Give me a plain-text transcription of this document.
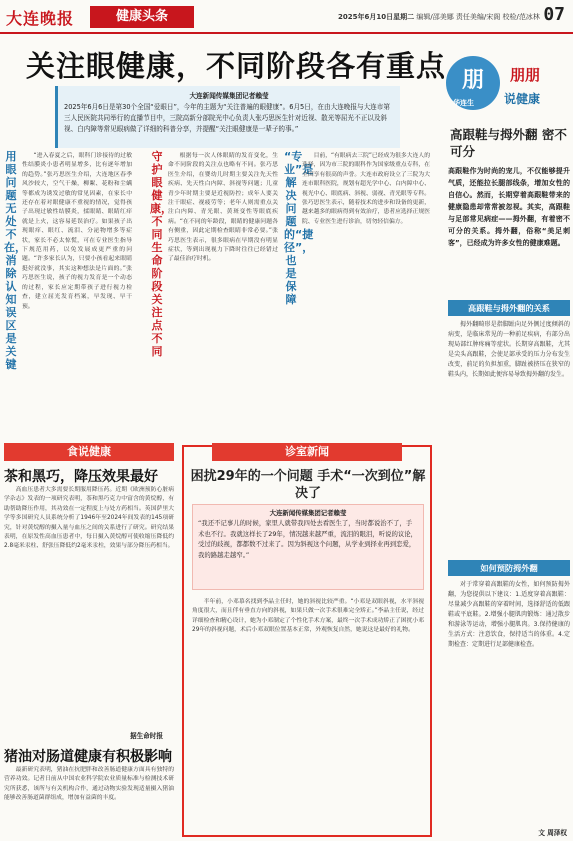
大连晚报	健康头条	2025年6月10日星期二 编辑/邵美娜 责任美编/宋阁 校检/范冰林 07
关注眼健康，不同阶段各有重点
大连新闻传媒集团记者賴莹
2025年6月6日是第30个全国“爱眼日”，今年的主题为“关注普遍的眼健康”。6月5日，在由大连晚报与大连市第三人民医院共同举行的直播节目中，三院高新分部院光中心负责人张巧思医生针对近视、散光等屈光不正以及斜视、白内障等常见眼病做了详细的科普分享，并提醒“关注眼健康是一辈子的事。”
用眼问题无处不在，消除认知误区是关键

“进入春夏之后，眼科门诊接待的过敏性结膜炎小患者明显增多，比有逐年增加的趋势。”张巧思医生介绍，大连地区春季风沙较大，空气干燥，柳絮、花粉和尘螨等都成为诱发过敏的常见因素，在家长中还存在着对眼健康不重视的情况，觉得孩子出现过敏性结膜炎，揉眼睛、眼睛红痒就是上火，这容易延误治疗。如果孩子出现眼痒、眼红、流泪、分泌物增多等症状，家长不必太惊慌，可在专业医生指导下规范用药，以免发展成更严重的问题。“许多家长认为，只要小孩看起来眼睛挺好就没事，其实这种想法是片面的。”张巧思医生说，孩子的视力发育是一个动态的过程，家长应定期带孩子进行视力检查，建立屈光发育档案，早发现、早干预。

守护眼健康，不同生命阶段关注点不同

根据每一次人体眼睛的发育变化，生命不同阶段的关注点也略有不同。张巧思医生介绍，在婴幼儿时期主要关注先天性疾病、先天性白内障、斜视等问题；儿童青少年时期主要是近视防控；成年人要关注干眼症、视疲劳等；老年人则需重点关注白内障、青光眼、黄斑变性等眼底疾病。“在不同的年龄段，眼睛的健康问题各有侧重，因此定期检查眼睛非常必要。”张巧思医生表示，很多眼病在早期没有明显症状，等到出现视力下降时往往已经错过了最佳治疗时机。

“专业”是解决问题的“捷径”，也是保障

目前，“有眼病去三院”已经成为很多大连人的选择，因为市三院的眼科作为国家级重点专科，在全国享有很高的声誉。大连市政府设立了三院为大连市眼科医院，规划有超光学中心、白内障中心、视光中心、眼底病、斜视、弱视、青光眼等专科。张巧思医生表示，随着技术的进步和设备的更新，越来越多的眼病得到有效治疗，患者应选择正规医院、专业医生进行诊治，切勿轻信偏方。

食说健康
茶和黑巧，降压效果最好

高血压患者大多需要长期服用降压药。近期《欧洲预防心脏病学杂志》发表的一项研究表明，茶和黑巧克力中富含的黄烷醇，有助帮助降压作用，其功效在一定程度上与处方药相当。英国萨里大学等多国研究人员系统分析了1946年至2024年间发表的145项研究，针对黄烷醇的摄入量与血压之间的关系进行了研究。研究结果表明，在原发性高血压患者中，每日摄入黄烷醇可使收缩压降低约2.8毫米汞柱、舒张压降低约2毫米汞柱，效果与部分降压药相当。

据生命时报
猪油对肠道健康有积极影响

最新研究表明，猪油在抗肥胖和改善肠道健康方面具有独特的营养功效。记者日前从中国农业科学院农业质量标准与检测技术研究所获悉，该所与有关机构合作，通过动物实验发现适量摄入猪油能够改善肠道菌群组成，增加有益菌的丰度。

诊室新闻
困扰29年的一个问题 手术“一次到位”解决了
大连新闻传媒集团记者賴莹
“我还不记事儿的时候，家里人就带我四处去看医生了，当时都说治不了，手术也不行。我就这样长了29年，情况越来越严重，流泪的眼泪，听说的议论，受过的歧视，都都数不过来了。因为斜视这个问题，从学业到择业再到恋爱，我的路越走越窄。”

半年前，小邓慕名找到李晶主任时，她的斜视比较严重。“小邓是双眼斜视，水平斜视角度很大，而且伴有垂直方向的斜视，如果只做一次手术很难完全矫正。”李晶主任说，经过详细检查和精心设计，她为小邓制定了个性化手术方案，最终一次手术成功矫正了困扰小邓29年的斜视问题，术后小邓双眼位置基本正常，外观恢复自然，她说这是最好的礼物。

朋
华连生
朋朋
说健康
高跟鞋与拇外翻 密不可分
高跟鞋作为时尚的宠儿，不仅能够提升气质，还能拉长腿部线条，增加女性的自信心。然而，长期穿着高跟鞋带来的健康隐患却常常被忽视。其实，高跟鞋与足部常见病症——拇外翻，有着密不可分的关系。拇外翻，俗称“美足刺客”，已经成为许多女性的健康难题。
高跟鞋与拇外翻的关系

拇外翻畸形是指脚趾向足外侧过度倾斜的病变，是临床常见的一种前足疾病，有部分出现局部红肿疼痛等症状。长期穿高跟鞋，尤其是尖头高跟鞋，会使足部承受的压力分布发生改变，前足的负担加重，脚趾被挤压在狭窄的鞋头内，长期如此便容易导致拇外翻的发生。

如何预防拇外翻

对于常穿着高跟鞋的女性，如何预防拇外翻，为您提供以下建议：1.适度穿着高跟鞋：尽量减少高跟鞋的穿着时间，选择舒适的低跟鞋或平底鞋。2.增强小腿肌肉锻炼：通过散步和游泳等运动，增强小腿肌肉。3.保持健康的生活方式：注意饮食，保持适当的体重。4.定期检查：定期进行足部健康检查。

文 周泽权
